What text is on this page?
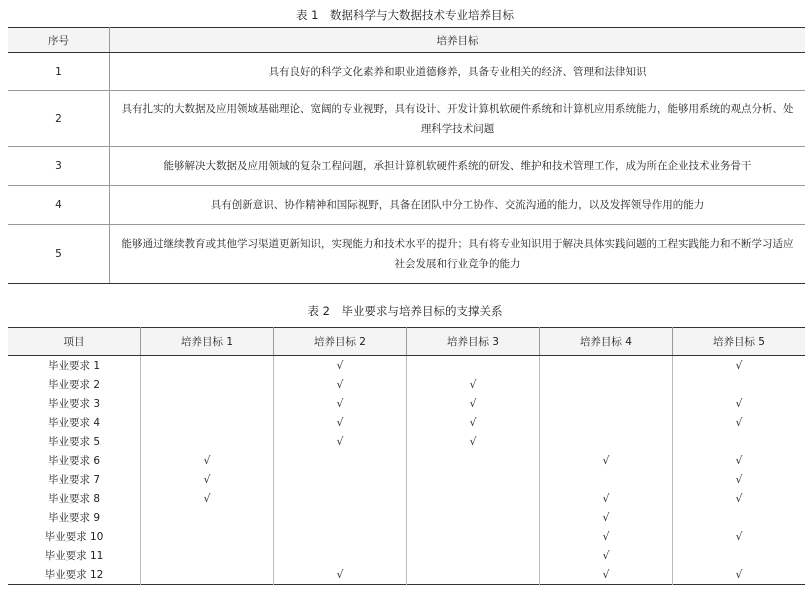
表 1　数据科学与大数据技术专业培养目标
序号	培养目标
1	具有良好的科学文化素养和职业道德修养，具备专业相关的经济、管理和法律知识
2	具有扎实的大数据及应用领域基础理论、宽阔的专业视野，具有设计、开发计算机软硬件系统和计算机应用系统能力，能够用系统的观点分析、处理科学技术问题
3	能够解决大数据及应用领域的复杂工程问题，承担计算机软硬件系统的研发、维护和技术管理工作，成为所在企业技术业务骨干
4	具有创新意识、协作精神和国际视野，具备在团队中分工协作、交流沟通的能力，以及发挥领导作用的能力
5	能够通过继续教育或其他学习渠道更新知识，实现能力和技术水平的提升；具有将专业知识用于解决具体实践问题的工程实践能力和不断学习适应社会发展和行业竞争的能力
表 2　毕业要求与培养目标的支撑关系
项目	培养目标 1	培养目标 2	培养目标 3	培养目标 4	培养目标 5
毕业要求 1		√			√
毕业要求 2		√	√		
毕业要求 3		√	√		√
毕业要求 4		√	√		√
毕业要求 5		√	√		
毕业要求 6	√			√	√
毕业要求 7	√				√
毕业要求 8	√			√	√
毕业要求 9				√	
毕业要求 10				√	√
毕业要求 11				√	
毕业要求 12		√		√	√
